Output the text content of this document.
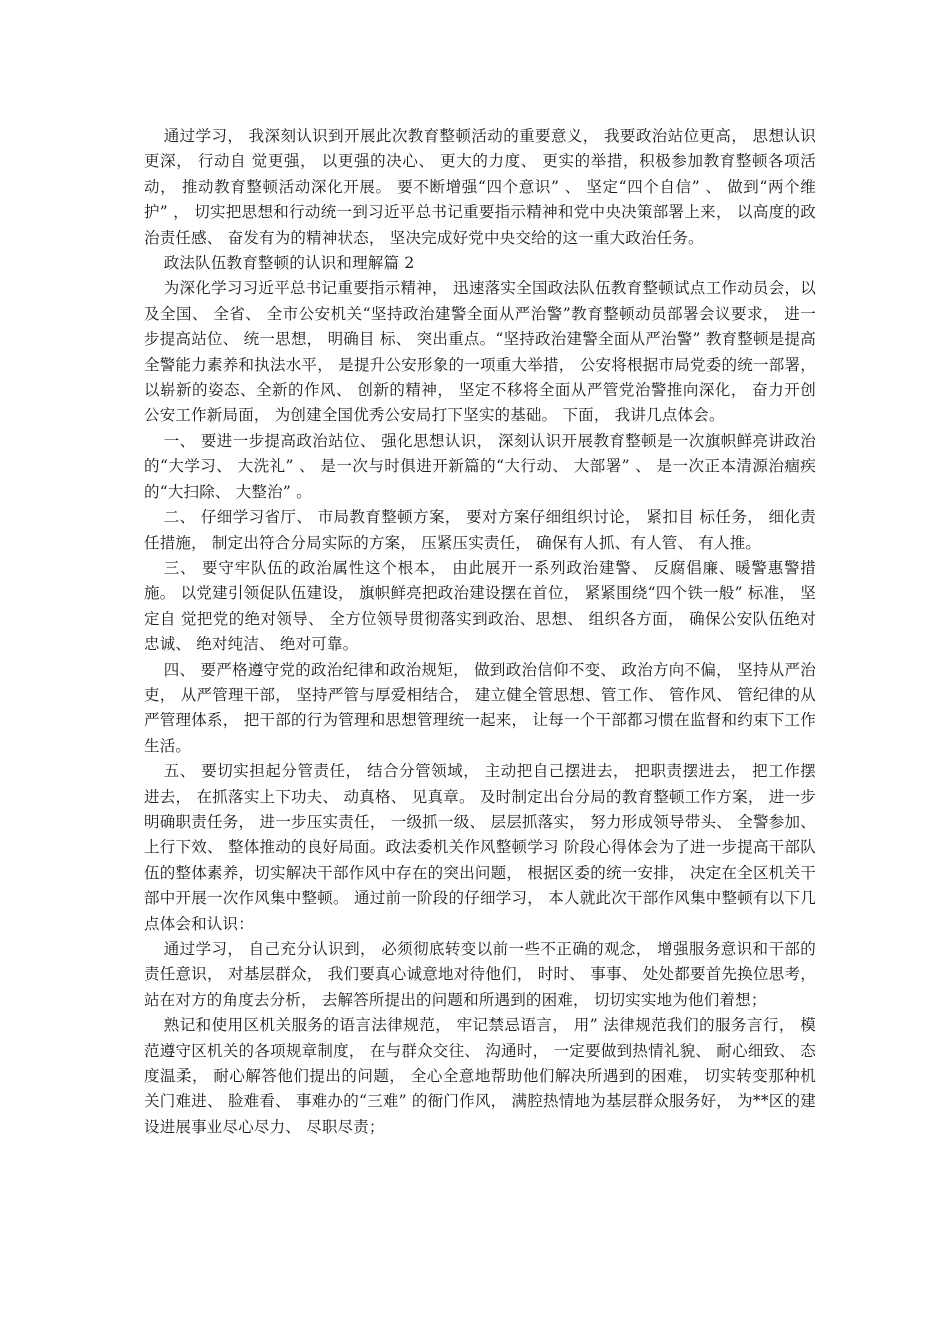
通过学习， 我深刻认识到开展此次教育整顿活动的重要意义， 我要政治站位更高， 思想认识更深， 行动自 觉更强， 以更强的决心、 更大的力度、 更实的举措，积极参加教育整顿各项活动， 推动教育整顿活动深化开展。 要不断增强“四个意识” 、 坚定“四个自信” 、 做到“两个维护” ， 切实把思想和行动统一到习近平总书记重要指示精神和党中央决策部署上来， 以高度的政治责任感、 奋发有为的精神状态， 坚决完成好党中央交给的这一重大政治任务。

政法队伍教育整顿的认识和理解篇 2

为深化学习习近平总书记重要指示精神， 迅速落实全国政法队伍教育整顿试点工作动员会，以及全国、 全省、 全市公安机关“坚持政治建警全面从严治警”教育整顿动员部署会议要求， 进一步提高站位、 统一思想， 明确目 标、 突出重点。“坚持政治建警全面从严治警” 教育整顿是提高全警能力素养和执法水平， 是提升公安形象的一项重大举措， 公安将根据市局党委的统一部署， 以崭新的姿态、全新的作风、 创新的精神， 坚定不移将全面从严管党治警推向深化， 奋力开创公安工作新局面， 为创建全国优秀公安局打下坚实的基础。 下面， 我讲几点体会。

一、 要进一步提高政治站位、 强化思想认识， 深刻认识开展教育整顿是一次旗帜鲜亮讲政治的“大学习、 大洗礼” 、 是一次与时俱进开新篇的“大行动、 大部署” 、 是一次正本清源治痼疾的“大扫除、 大整治” 。

二、 仔细学习省厅、 市局教育整顿方案， 要对方案仔细组织讨论， 紧扣目 标任务， 细化责任措施， 制定出符合分局实际的方案， 压紧压实责任， 确保有人抓、有人管、 有人推。

三、 要守牢队伍的政治属性这个根本， 由此展开一系列政治建警、 反腐倡廉、暖警惠警措施。 以党建引领促队伍建设， 旗帜鲜亮把政治建设摆在首位， 紧紧围绕“四个铁一般” 标准， 坚定自 觉把党的绝对领导、 全方位领导贯彻落实到政治、思想、 组织各方面， 确保公安队伍绝对忠诚、 绝对纯洁、 绝对可靠。

四、 要严格遵守党的政治纪律和政治规矩， 做到政治信仰不变、 政治方向不偏， 坚持从严治吏， 从严管理干部， 坚持严管与厚爱相结合， 建立健全管思想、管工作、 管作风、 管纪律的从严管理体系， 把干部的行为管理和思想管理统一起来， 让每一个干部都习惯在监督和约束下工作生活。

五、 要切实担起分管责任， 结合分管领域， 主动把自己摆进去， 把职责摆进去， 把工作摆进去， 在抓落实上下功夫、 动真格、 见真章。 及时制定出台分局的教育整顿工作方案， 进一步明确职责任务， 进一步压实责任， 一级抓一级、 层层抓落实， 努力形成领导带头、 全警参加、 上行下效、 整体推动的良好局面。政法委机关作风整顿学习 阶段心得体会为了进一步提高干部队伍的整体素养，切实解决干部作风中存在的突出问题， 根据区委的统一安排， 决定在全区机关干部中开展一次作风集中整顿。 通过前一阶段的仔细学习， 本人就此次干部作风集中整顿有以下几点体会和认识：

通过学习， 自己充分认识到， 必须彻底转变以前一些不正确的观念， 增强服务意识和干部的责任意识， 对基层群众， 我们要真心诚意地对待他们， 时时、 事事、 处处都要首先换位思考， 站在对方的角度去分析， 去解答所提出的问题和所遇到的困难， 切切实实地为他们着想；

熟记和使用区机关服务的语言法律规范， 牢记禁忌语言， 用” 法律规范我们的服务言行， 模范遵守区机关的各项规章制度， 在与群众交往、 沟通时， 一定要做到热情礼貌、 耐心细致、 态度温柔， 耐心解答他们提出的问题， 全心全意地帮助他们解决所遇到的困难， 切实转变那种机关门难进、 脸难看、 事难办的“三难” 的衙门作风， 满腔热情地为基层群众服务好， 为**区的建设进展事业尽心尽力、 尽职尽责；
